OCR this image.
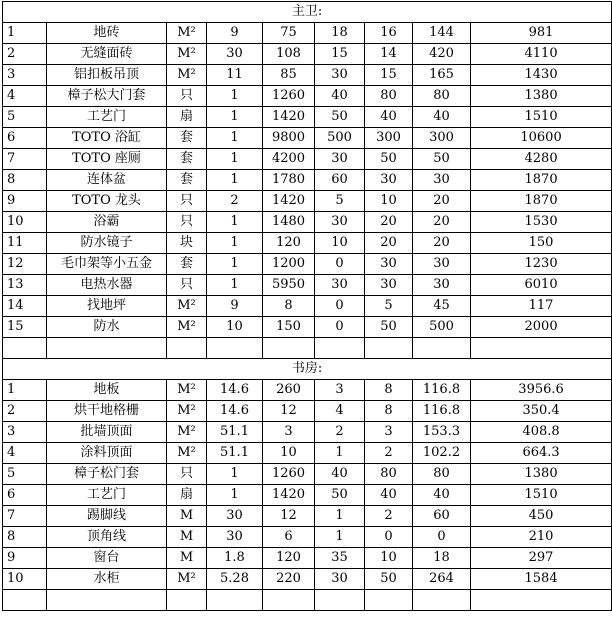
主卫:								
1	地砖	M²	9	75	18	16	144	981
2	无缝面砖	M²	30	108	15	14	420	4110
3	铝扣板吊顶	M²	11	85	30	15	165	1430
4	樟子松大门套	只	1	1260	40	80	80	1380
5	工艺门	扇	1	1420	50	40	40	1510
6	TOTO 浴缸	套	1	9800	500	300	300	10600
7	TOTO 座厕	套	1	4200	30	50	50	4280
8	连体盆	套	1	1780	60	30	30	1870
9	TOTO 龙头	只	2	1420	5	10	20	1870
10	浴霸	只	1	1480	30	20	20	1530
11	防水镜子	块	1	120	10	20	20	150
12	毛巾架等小五金	套	1	1200	0	30	30	1230
13	电热水器	只	1	5950	30	30	30	6010
14	找地坪	M²	9	8	0	5	45	117
15	防水	M²	10	150	0	50	500	2000

书房:								
1	地板	M²	14.6	260	3	8	116.8	3956.6
2	烘干地格栅	M²	14.6	12	4	8	116.8	350.4
3	批墙顶面	M²	51.1	3	2	3	153.3	408.8
4	涂料顶面	M²	51.1	10	1	2	102.2	664.3
5	樟子松门套	只	1	1260	40	80	80	1380
6	工艺门	扇	1	1420	50	40	40	1510
7	踢脚线	M	30	12	1	2	60	450
8	顶角线	M	30	6	1	0	0	210
9	窗台	M	1.8	120	35	10	18	297
10	水柜	M²	5.28	220	30	50	264	1584
